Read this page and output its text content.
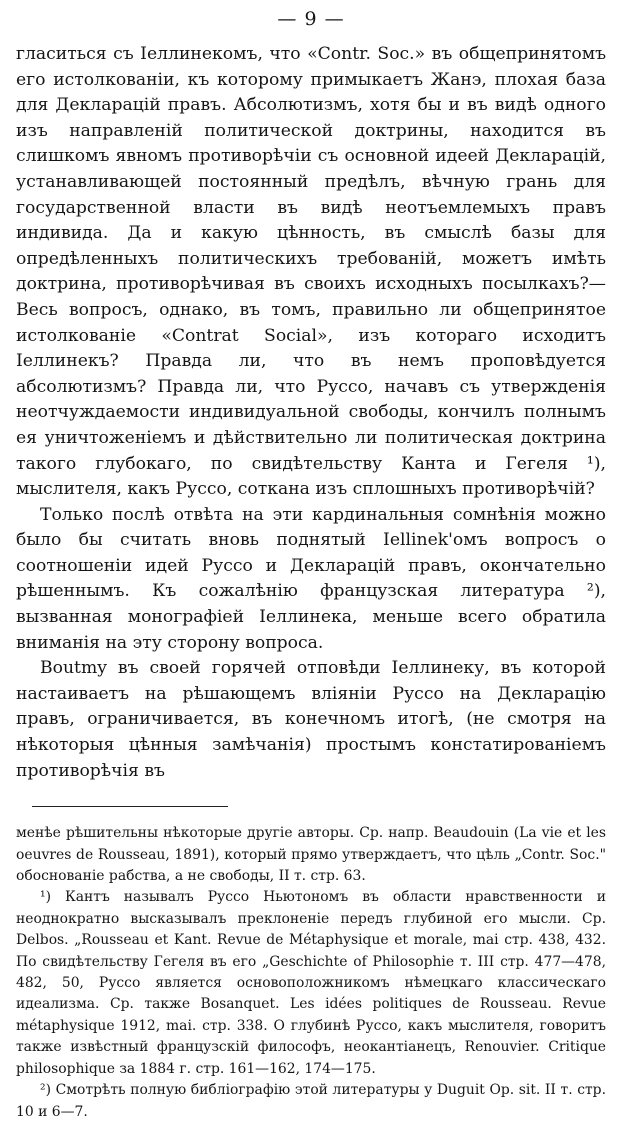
— 9 —

гласиться съ Іеллинекомъ, что «Contr. Soc.» въ общепринятомъ его истолкованіи, къ которому примыкаетъ Жанэ, плохая база для Декларацій правъ. Абсолютизмъ, хотя бы и въ видѣ одного изъ направленій политической доктрины, находится въ слишкомъ явномъ противорѣчіи съ основной идеей Декларацій, устанавливающей постоянный предѣлъ, вѣчную грань для государственной власти въ видѣ неотъемлемыхъ правъ индивида. Да и какую цѣнность, въ смыслѣ базы для опредѣленныхъ политическихъ требованій, можетъ имѣть доктрина, противорѣчивая въ своихъ исходныхъ посылкахъ?— Весь вопросъ, однако, въ томъ, правильно ли общепринятое истолкованіе «Contrat Social», изъ котораго исходитъ Іеллинекъ? Правда ли, что въ немъ проповѣдуется абсолютизмъ? Правда ли, что Руссо, начавъ съ утвержденія неотчуждаемости индивидуальной свободы, кончилъ полнымъ ея уничтоженіемъ и дѣйствительно ли политическая доктрина такого глубокаго, по свидѣтельству Канта и Гегеля ¹), мыслителя, какъ Руссо, соткана изъ сплошныхъ противорѣчій?

Только послѣ отвѣта на эти кардинальныя сомнѣнія можно было бы считать вновь поднятый Iellinek'омъ вопросъ о соотношеніи идей Руссо и Декларацій правъ, окончательно рѣшеннымъ. Къ сожалѣнію французская литература ²), вызванная монографіей Іеллинека, меньше всего обратила вниманія на эту сторону вопроса.

Boutmy въ своей горячей отповѣди Іеллинеку, въ которой настаиваетъ на рѣшающемъ вліяніи Руссо на Декларацію правъ, ограничивается, въ конечномъ итогѣ, (не смотря на нѣкоторыя цѣнныя замѣчанія) простымъ констатированіемъ противорѣчія въ

менѣе рѣшительны нѣкоторые другіе авторы. Ср. напр. Beaudouin (La vie et les oeuvres de Rousseau, 1891), который прямо утверждаетъ, что цѣль „Contr. Soc." обоснованіе рабства, а не свободы, II т. стр. 63.

¹) Кантъ называлъ Руссо Ньютономъ въ области нравственности и неоднократно высказывалъ преклоненіе передъ глубиной его мысли. Ср. Delbos. „Rousseau et Kant. Revue de Métaphysique et morale, mai стр. 438, 432. По свидѣтельству Гегеля въ его „Geschichte of Philosophie т. III стр. 477—478, 482, 50, Руссо является основоположникомъ нѣмецкаго классическаго идеализма. Ср. также Bosanquet. Les idées politiques de Rousseau. Revue métaphysique 1912, mai. стр. 338. О глубинѣ Руссо, какъ мыслителя, говоритъ также извѣстный французскій философъ, неокантіанецъ, Renouvier. Critique philosophique за 1884 г. стр. 161—162, 174—175.

²) Смотрѣть полную библіографію этой литературы у Duguit Op. sit. II т. стр. 10 и 6—7.
